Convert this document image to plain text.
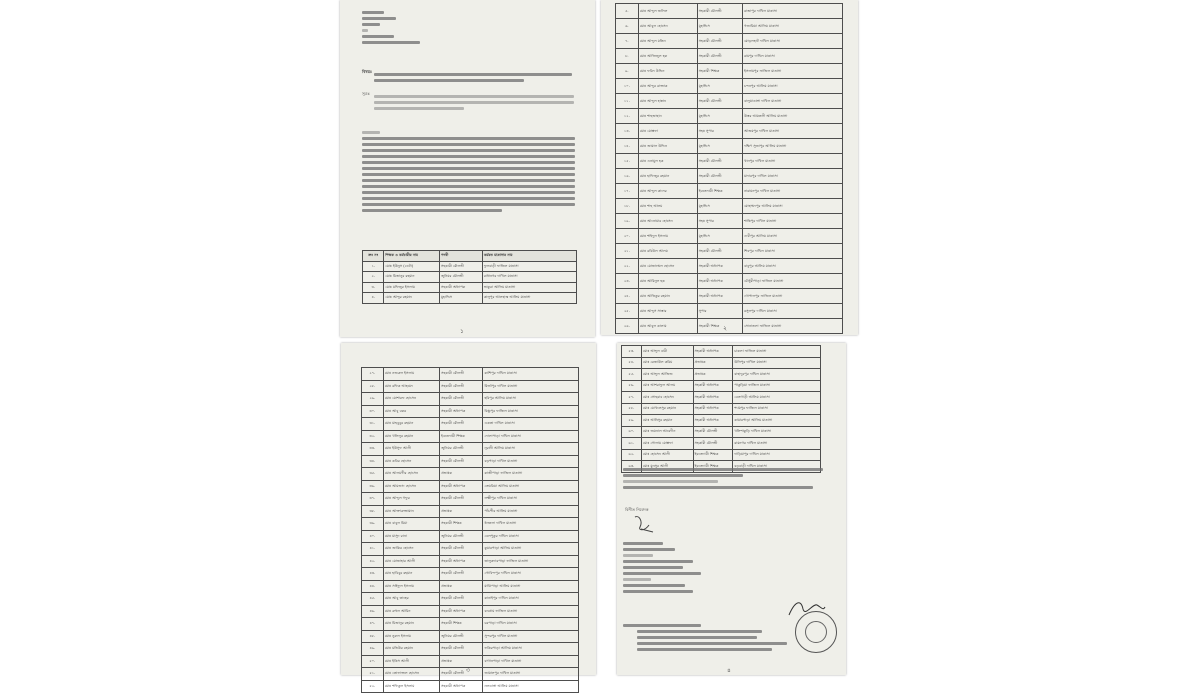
বিষয়ঃ
সূত্রঃ
ক্রঃ নং	শিক্ষক ও কর্মচারীর নাম	পদবী	কর্মরত মাদ্রাসার নাম
১.	মোঃ ইউনুস (ডেটা)	সহকারী মৌলভী	ফুলবাড়ী ফাজিল মাদ্রাসা
২.	মোঃ মিজানুর রহমান	জুনিয়র মৌলভী	রাধানগর দাখিল মাদ্রাসা
৩.	মোঃ মফিজুর ইসলাম	সহকারী অধ্যাপক	ভাকুরা আলিম মাদ্রাসা
৪.	মোঃ আব্দুর রহমান	মুহাদ্দিস	কালুপুর আলহাজ্ব আলিম মাদ্রাসা
১
৫.	মোঃ আব্দুল জলিল	সহকারী মৌলভী	রাজাপুর দাখিল মাদ্রাসা
৬.	মোঃ আবুল হোসেন	মুহাদ্দিস	গজারিয়া আলিম মাদ্রাসা
৭.	মোঃ আব্দুল মতিন	সহকারী মৌলভী	মোড়লহাট দাখিল মাদ্রাসা
৮.	মোঃ আজিজুল হক	সহকারী মৌলভী	রামপুর দাখিল মাদ্রাসা
৯.	মোঃ ফরিদ উদ্দিন	সহকারী শিক্ষক	ইসলামপুর ফাজিল মাদ্রাসা
১০.	মোঃ আব্দুর রাজ্জাক	মুহাদ্দিস	চন্দনপুর আলিম মাদ্রাসা
১১.	মোঃ আব্দুল হান্নান	সহকারী মৌলভী	বালুয়াডাঙ্গা দাখিল মাদ্রাসা
১২.	মোঃ শাহজাহান	মুহাদ্দিস	উত্তর আমতলী আলিম মাদ্রাসা
১৩.	মোঃ মোস্তফা	সহঃ সুপার	আজমপুর দাখিল মাদ্রাসা
১৪.	মোঃ জামাল উদ্দিন	মুহাদ্দিস	দক্ষিণ সুজাপুর আলিম মাদ্রাসা
১৫.	মোঃ এনামুল হক	সহকারী মৌলভী	খানপুর দাখিল মাদ্রাসা
১৬.	মোঃ হাফিজুর রহমান	সহকারী মৌলভী	মাদারপুর দাখিল মাদ্রাসা
১৭.	মোঃ আব্দুল কাদের	ইবতেদায়ী শিক্ষক	নারায়নপুর দাখিল মাদ্রাসা
১৮.	মোঃ শাহ আলম	মুহাদ্দিস	মোহাম্মদপুর আলিম মাদ্রাসা
১৯.	মোঃ আনোয়ার হোসেন	সহঃ সুপার	শান্তিপুর দাখিল মাদ্রাসা
২০.	মোঃ শহিদুল ইসলাম	মুহাদ্দিস	দেবীপুর আলিম মাদ্রাসা
২১.	মোঃ রবিউল আলম	সহকারী মৌলভী	শিবপুর দাখিল মাদ্রাসা
২২.	মোঃ মোজাম্মেল হোসেন	সহকারী অধ্যাপক	বাবুপুর আলিম মাদ্রাসা
২৩.	মোঃ আমিনুল হক	সহকারী অধ্যাপক	চৌধুরীপাড়া ফাজিল মাদ্রাসা
২৪.	মোঃ আতিকুর রহমান	সহকারী অধ্যাপক	গোপালপুর ফাজিল মাদ্রাসা
২৫.	মোঃ আব্দুস সাত্তার	সুপার	রসুলপুর দাখিল মাদ্রাসা
২৬.	মোঃ আবুল কালাম	সহকারী শিক্ষক	সোনাতলা ফাজিল মাদ্রাসা
২
২৭.	মোঃ নজরুল ইসলাম	সহকারী মৌলভী	কাশিপুর দাখিল মাদ্রাসা
২৮.	মোঃ রফিক আহমেদ	সহকারী মৌলভী	মির্জাপুর দাখিল মাদ্রাসা
২৯.	মোঃ মোশারফ হোসেন	সহকারী মৌলভী	হরিপুর আলিম মাদ্রাসা
৩০.	মোঃ আবু বকর	সহকারী অধ্যাপক	বিষ্ণুপুর ফাজিল মাদ্রাসা
৩১.	মোঃ মাহবুবুর রহমান	সহকারী মৌলভী	একতা দাখিল মাদ্রাসা
৩২.	মোঃ খলিলুর রহমান	ইবতেদায়ী শিক্ষক	দোলাপাড়া দাখিল মাদ্রাসা
৩৩.	মোঃ ইউসুফ আলী	জুনিয়র মৌলভী	নূরানী আলিম মাদ্রাসা
৩৪.	মোঃ কবির হোসেন	সহকারী মৌলভী	বড়পাড়া দাখিল মাদ্রাসা
৩৫.	মোঃ আলমগীর হোসেন	প্রভাষক	কাজীপাড়া ফাজিল মাদ্রাসা
৩৬.	মোঃ আমজাদ হোসেন	সহকারী অধ্যাপক	তেঘরিয়া আলিম মাদ্রাসা
৩৭.	মোঃ আব্দুল গফুর	সহকারী মৌলভী	লক্ষ্মীপুর দাখিল মাদ্রাসা
৩৮.	মোঃ আক্তারুজ্জামান	প্রভাষক	পাঁচপীর আলিম মাদ্রাসা
৩৯.	মোঃ বাবুল মিয়া	সহকারী শিক্ষক	ধনতলা দাখিল মাদ্রাসা
৪০.	মোঃ মাসুদ রানা	জুনিয়র মৌলভী	বেলপুকুর দাখিল মাদ্রাসা
৪১.	মোঃ জাকির হোসেন	সহকারী মৌলভী	কুমারপাড়া আলিম মাদ্রাসা
৪২.	মোঃ মোজাহার আলী	সহকারী অধ্যাপক	তালুকদারপাড়া ফাজিল মাদ্রাসা
৪৩.	মোঃ হাবিবুর রহমান	সহকারী মৌলভী	গোবিন্দপুর দাখিল মাদ্রাসা
৪৪.	মোঃ সাইফুল ইসলাম	প্রভাষক	মাঝিপাড়া আলিম মাদ্রাসা
৪৫.	মোঃ আবু তাহের	সহকারী মৌলভী	কানাইপুর দাখিল মাদ্রাসা
৪৬.	মোঃ রুহুল আমিন	সহকারী অধ্যাপক	বনগ্রাম ফাজিল মাদ্রাসা
৪৭.	মোঃ মিজানুর রহমান	সহকারী শিক্ষক	চরপাড়া দাখিল মাদ্রাসা
৪৮.	মোঃ নুরুল ইসলাম	জুনিয়র মৌলভী	সুন্দরপুর দাখিল মাদ্রাসা
৪৯.	মোঃ মতিউর রহমান	সহকারী মৌলভী	ফকিরপাড়া আলিম মাদ্রাসা
৫০.	মোঃ ইদ্রিস আলী	প্রভাষক	বাগানপাড়া দাখিল মাদ্রাসা
৫১.	মোঃ তোফাজ্জল হোসেন	সহকারী মৌলভী	জামালপুর দাখিল মাদ্রাসা
৫২.	মোঃ শফিকুল ইসলাম	সহকারী অধ্যাপক	নলডাঙ্গা আলিম মাদ্রাসা
৩
৫৩.	মোঃ আব্দুল বারী	সহকারী অধ্যাপক	চাকলা ফাজিল মাদ্রাসা
৫৪.	মোঃ রেজাউল করিম	প্রভাষক	উলিপুর দাখিল মাদ্রাসা
৫৫.	মোঃ আব্দুল আজিজ	প্রভাষক	বাহাদুরপুর দাখিল মাদ্রাসা
৫৬.	মোঃ আশরাফুল আলম	সহকারী অধ্যাপক	পাকুড়িয়া ফাজিল মাদ্রাসা
৫৭.	মোঃ সোহরাব হোসেন	সহকারী অধ্যাপক	বেতগাড়ী আলিম মাদ্রাসা
৫৮.	মোঃ মোখলেসুর রহমান	সহকারী অধ্যাপক	শ্যামপুর ফাজিল মাদ্রাসা
৫৯.	মোঃ আনিসুর রহমান	সহকারী অধ্যাপক	কামারপাড়া আলিম মাদ্রাসা
৬০.	মোঃ জয়নাল আবেদীন	সহকারী মৌলভী	খলিশাকুড়ি দাখিল মাদ্রাসা
৬১.	মোঃ গোলাম মোস্তফা	সহকারী মৌলভী	রামনগর দাখিল মাদ্রাসা
৬২.	মোঃ হোসেন আলী	ইবতেদায়ী শিক্ষক	দাড়িয়াপুর দাখিল মাদ্রাসা
৬৩.	মোঃ মুনসুর আলী	ইবতেদায়ী শিক্ষক	বড়বাড়ী দাখিল মাদ্রাসা
বিনীত নিবেদক
৪
